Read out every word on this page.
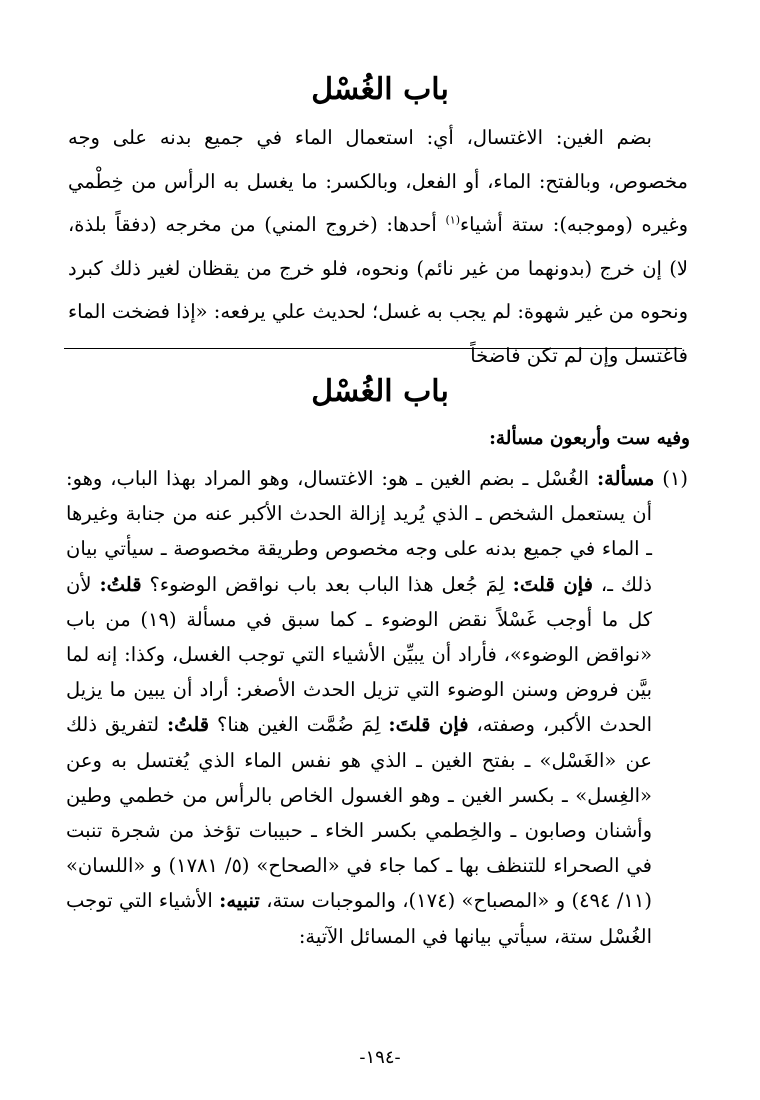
باب الغُسْل

بضم الغين: الاغتسال، أي: استعمال الماء في جميع بدنه على وجه مخصوص، وبالفتح: الماء، أو الفعل، وبالكسر: ما يغسل به الرأس من خِطْمي وغيره (وموجبه): ستة أشياء$^{(١)}$ أحدها: (خروج المني) من مخرجه (دفقاً بلذة، لا) إن خرج (بدونهما من غير نائم) ونحوه، فلو خرج من يقظان لغير ذلك كبرد ونحوه من غير شهوة: لم يجب به غسل؛ لحديث علي يرفعه: «إذا فضخت الماء فاغتسل وإن لم تكن فاضخاً

باب الغُسْل
وفيه ست وأربعون مسألة:

(١) مسألة: الغُسْل ـ بضم الغين ـ هو: الاغتسال، وهو المراد بهذا الباب، وهو: أن يستعمل الشخص ـ الذي يُريد إزالة الحدث الأكبر عنه من جنابة وغيرها ـ الماء في جميع بدنه على وجه مخصوص وطريقة مخصوصة ـ سيأتي بيان ذلك ـ، فإن قلتَ: لِمَ جُعل هذا الباب بعد باب نواقض الوضوء؟ قلتُ: لأن كل ما أوجب غَسْلاً نقض الوضوء ـ كما سبق في مسألة (١٩) من باب «نواقض الوضوء»، فأراد أن يبيِّن الأشياء التي توجب الغسل، وكذا: إنه لما بيَّن فروض وسنن الوضوء التي تزيل الحدث الأصغر: أراد أن يبين ما يزيل الحدث الأكبر، وصفته، فإن قلتَ: لِمَ ضُمَّت الغين هنا؟ قلتُ: لتفريق ذلك عن «الغَسْل» ـ بفتح الغين ـ الذي هو نفس الماء الذي يُغتسل به وعن «الغِسل» ـ بكسر الغين ـ وهو الغسول الخاص بالرأس من خطمي وطين وأشنان وصابون ـ والخِطمي بكسر الخاء ـ حبيبات تؤخذ من شجرة تنبت في الصحراء للتنظف بها ـ كما جاء في «الصحاح» (٥/ ١٧٨١) و «اللسان» (١١/ ٤٩٤) و «المصباح» (١٧٤)، والموجبات ستة، تنبيه: الأشياء التي توجب الغُسْل ستة، سيأتي بيانها في المسائل الآتية:

-١٩٤-
